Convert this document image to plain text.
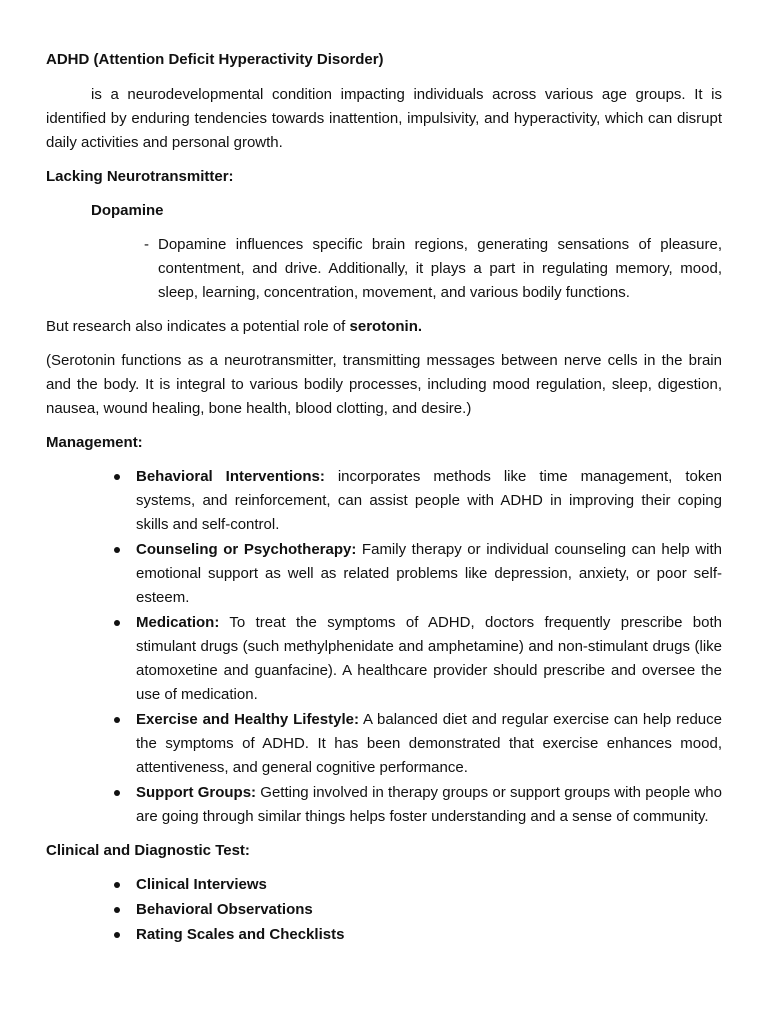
ADHD (Attention Deficit Hyperactivity Disorder)

is a neurodevelopmental condition impacting individuals across various age groups. It is identified by enduring tendencies towards inattention, impulsivity, and hyperactivity, which can disrupt daily activities and personal growth.

Lacking Neurotransmitter:

Dopamine

- Dopamine influences specific brain regions, generating sensations of pleasure, contentment, and drive. Additionally, it plays a part in regulating memory, mood, sleep, learning, concentration, movement, and various bodily functions.

But research also indicates a potential role of serotonin.

(Serotonin functions as a neurotransmitter, transmitting messages between nerve cells in the brain and the body. It is integral to various bodily processes, including mood regulation, sleep, digestion, nausea, wound healing, bone health, blood clotting, and desire.)

Management:

Behavioral Interventions: incorporates methods like time management, token systems, and reinforcement, can assist people with ADHD in improving their coping skills and self-control.
Counseling or Psychotherapy: Family therapy or individual counseling can help with emotional support as well as related problems like depression, anxiety, or poor self-esteem.
Medication: To treat the symptoms of ADHD, doctors frequently prescribe both stimulant drugs (such methylphenidate and amphetamine) and non-stimulant drugs (like atomoxetine and guanfacine). A healthcare provider should prescribe and oversee the use of medication.
Exercise and Healthy Lifestyle: A balanced diet and regular exercise can help reduce the symptoms of ADHD. It has been demonstrated that exercise enhances mood, attentiveness, and general cognitive performance.
Support Groups: Getting involved in therapy groups or support groups with people who are going through similar things helps foster understanding and a sense of community.

Clinical and Diagnostic Test:

Clinical Interviews
Behavioral Observations
Rating Scales and Checklists
